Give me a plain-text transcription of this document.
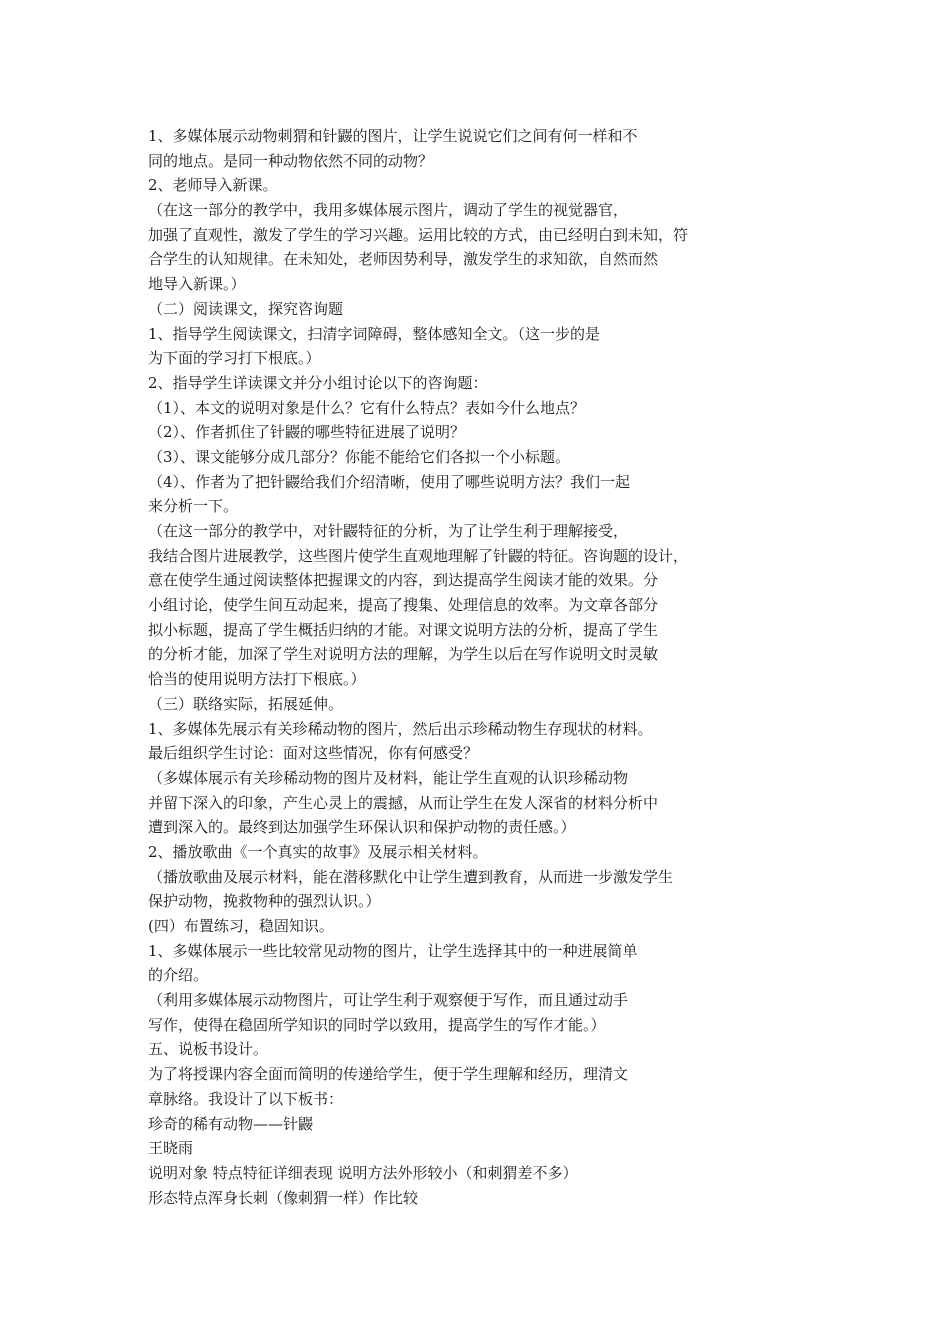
1、多媒体展示动物刺猬和针鼹的图片，让学生说说它们之间有何一样和不
同的地点。是同一种动物依然不同的动物？
2、老师导入新课。
（在这一部分的教学中，我用多媒体展示图片，调动了学生的视觉器官，
加强了直观性，激发了学生的学习兴趣。运用比较的方式，由已经明白到未知，符
合学生的认知规律。在未知处，老师因势利导，激发学生的求知欲，自然而然
地导入新课。）
（二）阅读课文，探究咨询题
1、指导学生阅读课文，扫清字词障碍，整体感知全文。（这一步的是
为下面的学习打下根底。）
2、指导学生详读课文并分小组讨论以下的咨询题：
（1）、本文的说明对象是什么？它有什么特点？表如今什么地点？
（2）、作者抓住了针鼹的哪些特征进展了说明？
（3）、课文能够分成几部分？你能不能给它们各拟一个小标题。
（4）、作者为了把针鼹给我们介绍清晰，使用了哪些说明方法？我们一起
来分析一下。
（在这一部分的教学中，对针鼹特征的分析，为了让学生利于理解接受，
我结合图片进展教学，这些图片使学生直观地理解了针鼹的特征。咨询题的设计，
意在使学生通过阅读整体把握课文的内容，到达提高学生阅读才能的效果。分
小组讨论，使学生间互动起来，提高了搜集、处理信息的效率。为文章各部分
拟小标题，提高了学生概括归纳的才能。对课文说明方法的分析，提高了学生
的分析才能，加深了学生对说明方法的理解，为学生以后在写作说明文时灵敏
恰当的使用说明方法打下根底。）
（三）联络实际，拓展延伸。
1、多媒体先展示有关珍稀动物的图片，然后出示珍稀动物生存现状的材料。
最后组织学生讨论：面对这些情况，你有何感受？
（多媒体展示有关珍稀动物的图片及材料，能让学生直观的认识珍稀动物
并留下深入的印象，产生心灵上的震撼，从而让学生在发人深省的材料分析中
遭到深入的。最终到达加强学生环保认识和保护动物的责任感。）
2、播放歌曲《一个真实的故事》及展示相关材料。
（播放歌曲及展示材料，能在潜移默化中让学生遭到教育，从而进一步激发学生
保护动物，挽救物种的强烈认识。）
(四）布置练习，稳固知识。
1、多媒体展示一些比较常见动物的图片，让学生选择其中的一种进展简单
的介绍。
（利用多媒体展示动物图片，可让学生利于观察便于写作，而且通过动手
写作，使得在稳固所学知识的同时学以致用，提高学生的写作才能。）
五、说板书设计。
为了将授课内容全面而简明的传递给学生，便于学生理解和经历，理清文
章脉络。我设计了以下板书：
珍奇的稀有动物——针鼹
王晓雨
说明对象 特点特征详细表现 说明方法外形较小（和刺猬差不多）
形态特点浑身长刺（像刺猬一样）作比较
